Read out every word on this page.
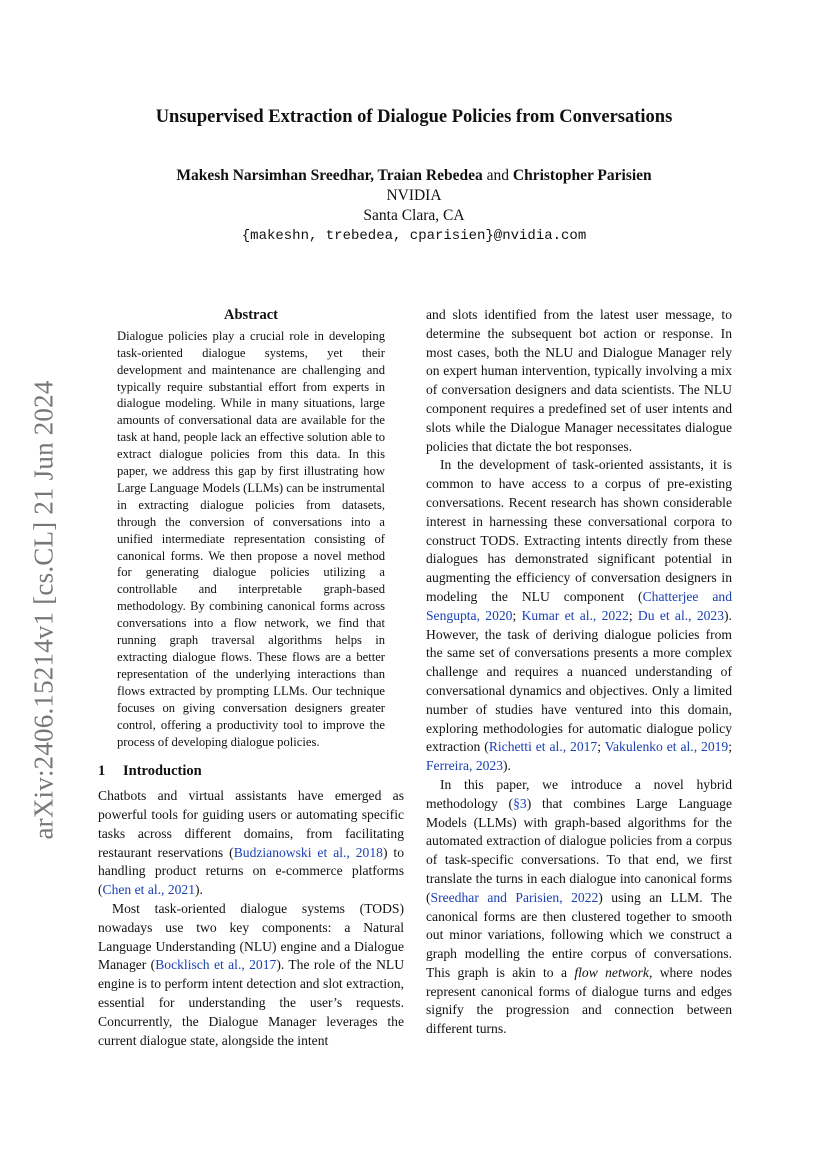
arXiv:2406.15214v1 [cs.CL] 21 Jun 2024
Unsupervised Extraction of Dialogue Policies from Conversations
Makesh Narsimhan Sreedhar, Traian Rebedea and Christopher Parisien
NVIDIA
Santa Clara, CA
{makeshn, trebedea, cparisien}@nvidia.com
Abstract

Dialogue policies play a crucial role in developing task-oriented dialogue systems, yet their development and maintenance are challenging and typically require substantial effort from experts in dialogue modeling. While in many situations, large amounts of conversational data are available for the task at hand, people lack an effective solution able to extract dialogue policies from this data. In this paper, we address this gap by first illustrating how Large Language Models (LLMs) can be instrumental in extracting dialogue policies from datasets, through the conversion of conversations into a unified intermediate representation consisting of canonical forms. We then propose a novel method for generating dialogue policies utilizing a controllable and interpretable graph-based methodology. By combining canonical forms across conversations into a flow network, we find that running graph traversal algorithms helps in extracting dialogue flows. These flows are a better representation of the underlying interactions than flows extracted by prompting LLMs. Our technique focuses on giving conversation designers greater control, offering a productivity tool to improve the process of developing dialogue policies.

1 Introduction

Chatbots and virtual assistants have emerged as powerful tools for guiding users or automating specific tasks across different domains, from facilitating restaurant reservations (Budzianowski et al., 2018) to handling product returns on e-commerce platforms (Chen et al., 2021).

Most task-oriented dialogue systems (TODS) nowadays use two key components: a Natural Language Understanding (NLU) engine and a Dialogue Manager (Bocklisch et al., 2017). The role of the NLU engine is to perform intent detection and slot extraction, essential for understanding the user’s requests. Concurrently, the Dialogue Manager leverages the current dialogue state, alongside the intent

and slots identified from the latest user message, to determine the subsequent bot action or response. In most cases, both the NLU and Dialogue Manager rely on expert human intervention, typically involving a mix of conversation designers and data scientists. The NLU component requires a predefined set of user intents and slots while the Dialogue Manager necessitates dialogue policies that dictate the bot responses.

In the development of task-oriented assistants, it is common to have access to a corpus of pre-existing conversations. Recent research has shown considerable interest in harnessing these conversational corpora to construct TODS. Extracting intents directly from these dialogues has demonstrated significant potential in augmenting the efficiency of conversation designers in modeling the NLU component (Chatterjee and Sengupta, 2020; Kumar et al., 2022; Du et al., 2023). However, the task of deriving dialogue policies from the same set of conversations presents a more complex challenge and requires a nuanced understanding of conversational dynamics and objectives. Only a limited number of studies have ventured into this domain, exploring methodologies for automatic dialogue policy extraction (Richetti et al., 2017; Vakulenko et al., 2019; Ferreira, 2023).

In this paper, we introduce a novel hybrid methodology (§3) that combines Large Language Models (LLMs) with graph-based algorithms for the automated extraction of dialogue policies from a corpus of task-specific conversations. To that end, we first translate the turns in each dialogue into canonical forms (Sreedhar and Parisien, 2022) using an LLM. The canonical forms are then clustered together to smooth out minor variations, following which we construct a graph modelling the entire corpus of conversations. This graph is akin to a flow network, where nodes represent canonical forms of dialogue turns and edges signify the progression and connection between different turns.
